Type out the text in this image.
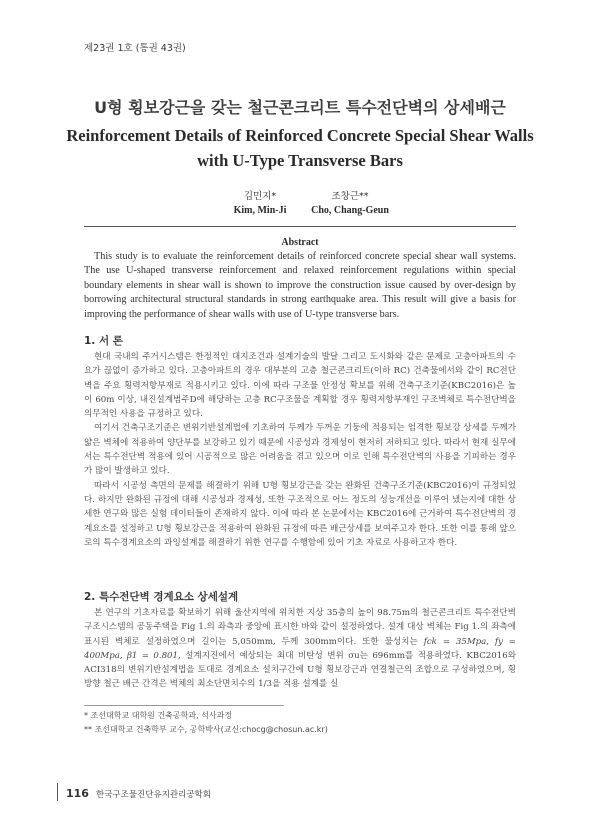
제23권 1호 (통권 43권)
U형 횡보강근을 갖는 철근콘크리트 특수전단벽의 상세배근
Reinforcement Details of Reinforced Concrete Special Shear Walls
with U-Type Transverse Bars
김민지*
Kim, Min-Ji
조창근**
Cho, Chang-Geun
Abstract
This study is to evaluate the reinforcement details of reinforced concrete special shear wall systems. The use U-shaped transverse reinforcement and relaxed reinforcement regulations within special boundary elements in shear wall is shown to improve the construction issue caused by over-design by borrowing architectural structural standards in strong earthquake area. This result will give a basis for improving the performance of shear walls with use of U-type transverse bars.
1. 서 론

현대 국내의 주거시스템은 한정적인 대지조건과 설계기술의 발달 그리고 도시화와 같은 문제로 고층아파트의 수요가 끊없이 증가하고 있다. 고층아파트의 경우 대부분의 고층 철근콘크리트(이하 RC) 건축물에서와 같이 RC전단벽을 주요 횡력저항부재로 적용시키고 있다. 이에 따라 구조물 안정성 확보를 위해 건축구조기준(KBC2016)은 높이 60m 이상, 내진설계범주D에 해당하는 고층 RC구조물을 계획할 경우 횡력저항부재인 구조벽체로 특수전단벽을 의무적인 사용을 규정하고 있다.

여기서 건축구조기준은 변위기반설계법에 기초하여 두께가 두꺼운 기둥에 적용되는 엄격한 횡보강 상세를 두께가 얇은 벽체에 적용하여 양단부를 보강하고 있기 때문에 시공성과 경제성이 현저히 저하되고 있다. 따라서 현재 실무에서는 특수전단벽 적용에 있어 시공적으로 많은 어려움을 겪고 있으며 이로 인해 특수전단벽의 사용을 기피하는 경우가 많이 발생하고 있다.

따라서 시공성 측면의 문제를 해결하기 위해 U형 횡보강근을 갖는 완화된 건축구조기준(KBC2016)이 규정되었다. 하지만 완화된 규정에 대해 시공성과 경제성, 또한 구조적으로 어느 정도의 성능개선을 이루어 냈는지에 대한 상세한 연구와 많은 실험 데이터들이 존재하지 않다. 이에 따라 본 논문에서는 KBC2016에 근거하여 특수전단벽의 경계요소를 설정하고 U형 횡보강근을 적용하여 완화된 규정에 따른 배근상세를 보여주고자 한다. 또한 이를 통해 앞으로의 특수경계요소의 과잉설계를 해결하기 위한 연구를 수행함에 있어 기초 자료로 사용하고자 한다.

2. 특수전단벽 경계요소 상세설계

본 연구의 기초자료를 확보하기 위해 울산지역에 위치한 지상 35층의 높이 98.75m의 철근콘크리트 특수전단벽 구조시스템의 공동주택을 Fig 1.의 좌측과 중앙에 표시한 바와 같이 설정하였다. 설계 대상 벽체는 Fig 1.의 좌측에 표시된 벽체로 설정하였으며 길이는 5,050mm, 두께 300mm이다. 또한 물성치는 fck = 35Mpa, fy = 400Mpa, β1 = 0.801, 설계지진에서 예상되는 최대 비탄성 변위 σu는 696mm를 적용하였다. KBC2016와 ACI318의 변위기반설계법을 토대로 경계요소 설치구간에 U형 횡보강근과 연결철근의 조합으로 구성하였으며, 횡방향 철근 배근 간격은 벽체의 최소단면치수의 1/3을 적용 설계를 실

* 조선대학교 대학원 건축공학과, 석사과정
** 조선대학교 건축학부 교수, 공학박사(교신:chocg@chosun.ac.kr)
116 한국구조물진단유지관리공학회
